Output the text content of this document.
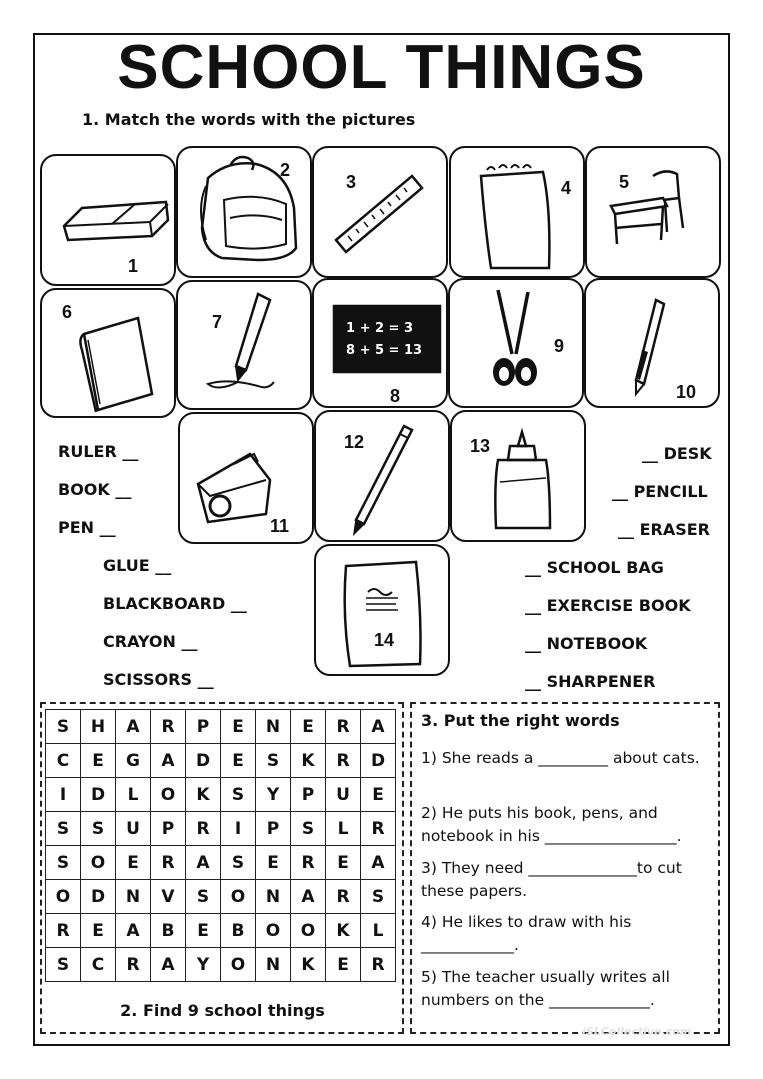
SCHOOL THINGS
1. Match the words with the pictures
1
2
3	4	5
6	7	1 + 2 = 3
8 + 5 = 13
8
9
10
11
12	13
14
RULER __
BOOK __
PEN __
GLUE __
BLACKBOARD __
CRAYON __
SCISSORS __
__ DESK
__ PENCILL
__ ERASER
__ SCHOOL BAG
__ EXERCISE BOOK
__ NOTEBOOK
__ SHARPENER
S	H	A	R	P	E	N	E	R	A
C	E	G	A	D	E	S	K	R	D
I	D	L	O	K	S	Y	P	U	E
S	S	U	P	R	I	P	S	L	R
S	O	E	R	A	S	E	R	E	A
O	D	N	V	S	O	N	A	R	S
R	E	A	B	E	B	O	O	K	L
S	C	R	A	Y	O	N	K	E	R
2. Find 9 school things
3. Put the right words
1) She reads a _________ about cats.
2) He puts his book, pens, and notebook in his _________________.
3) They need ______________to cut these papers.
4) He likes to draw with his ____________.
5) The teacher usually writes all numbers on the _____________.
iSLCollective.com
